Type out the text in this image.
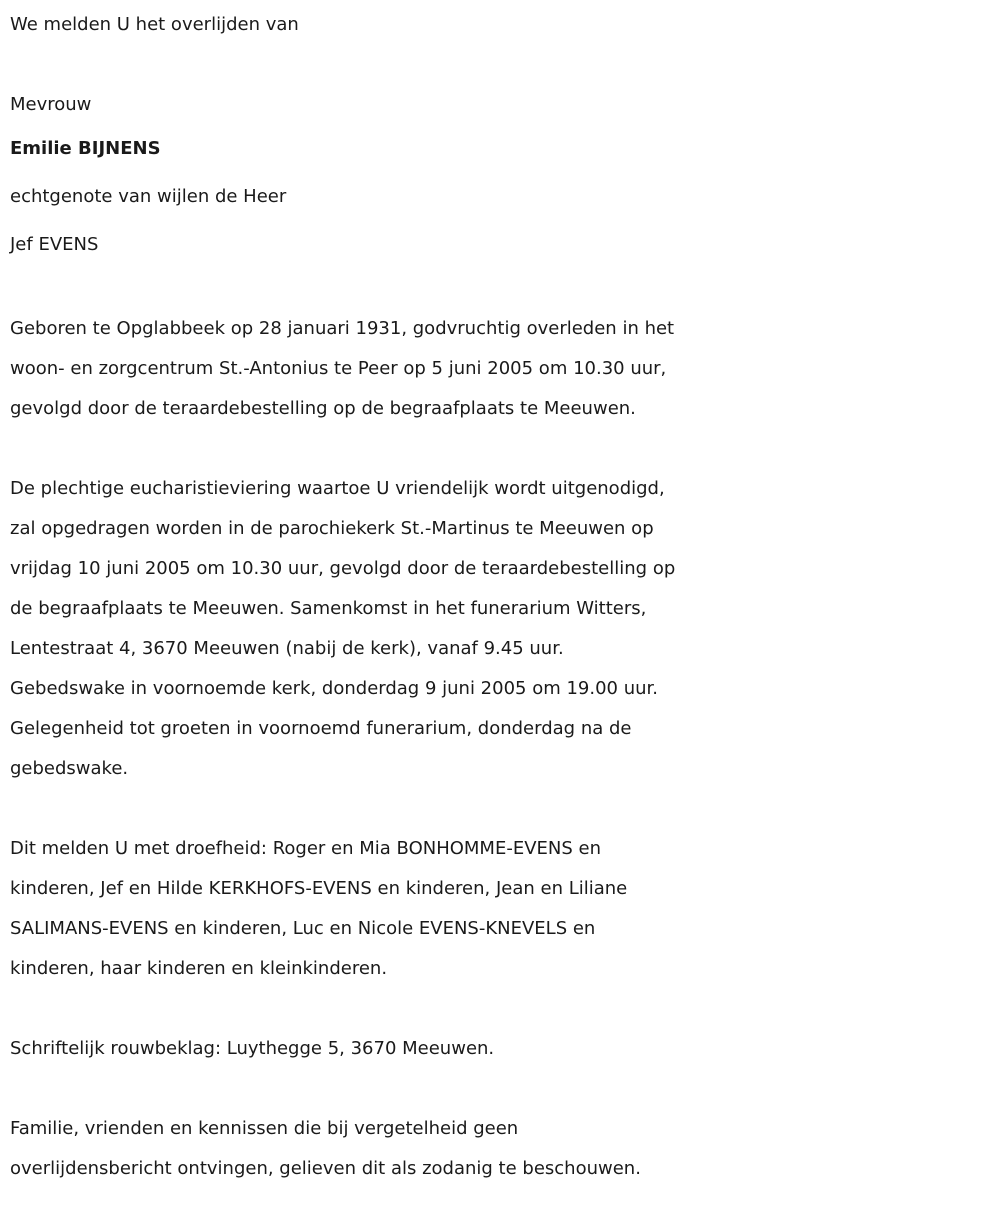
We melden U het overlijden van
Mevrouw
Emilie BIJNENS
echtgenote van wijlen de Heer
Jef EVENS
Geboren te Opglabbeek op 28 januari 1931, godvruchtig overleden in het
woon- en zorgcentrum St.-Antonius te Peer op 5 juni 2005 om 10.30 uur,
gevolgd door de teraardebestelling op de begraafplaats te Meeuwen.
De plechtige eucharistieviering waartoe U vriendelijk wordt uitgenodigd,
zal opgedragen worden in de parochiekerk St.-Martinus te Meeuwen op
vrijdag 10 juni 2005 om 10.30 uur, gevolgd door de teraardebestelling op
de begraafplaats te Meeuwen. Samenkomst in het funerarium Witters,
Lentestraat 4, 3670 Meeuwen (nabij de kerk), vanaf 9.45 uur.
Gebedswake in voornoemde kerk, donderdag 9 juni 2005 om 19.00 uur.
Gelegenheid tot groeten in voornoemd funerarium, donderdag na de
gebedswake.
Dit melden U met droefheid: Roger en Mia BONHOMME-EVENS en
kinderen, Jef en Hilde KERKHOFS-EVENS en kinderen, Jean en Liliane
SALIMANS-EVENS en kinderen, Luc en Nicole EVENS-KNEVELS en
kinderen, haar kinderen en kleinkinderen.
Schriftelijk rouwbeklag: Luythegge 5, 3670 Meeuwen.
Familie, vrienden en kennissen die bij vergetelheid geen
overlijdensbericht ontvingen, gelieven dit als zodanig te beschouwen.
